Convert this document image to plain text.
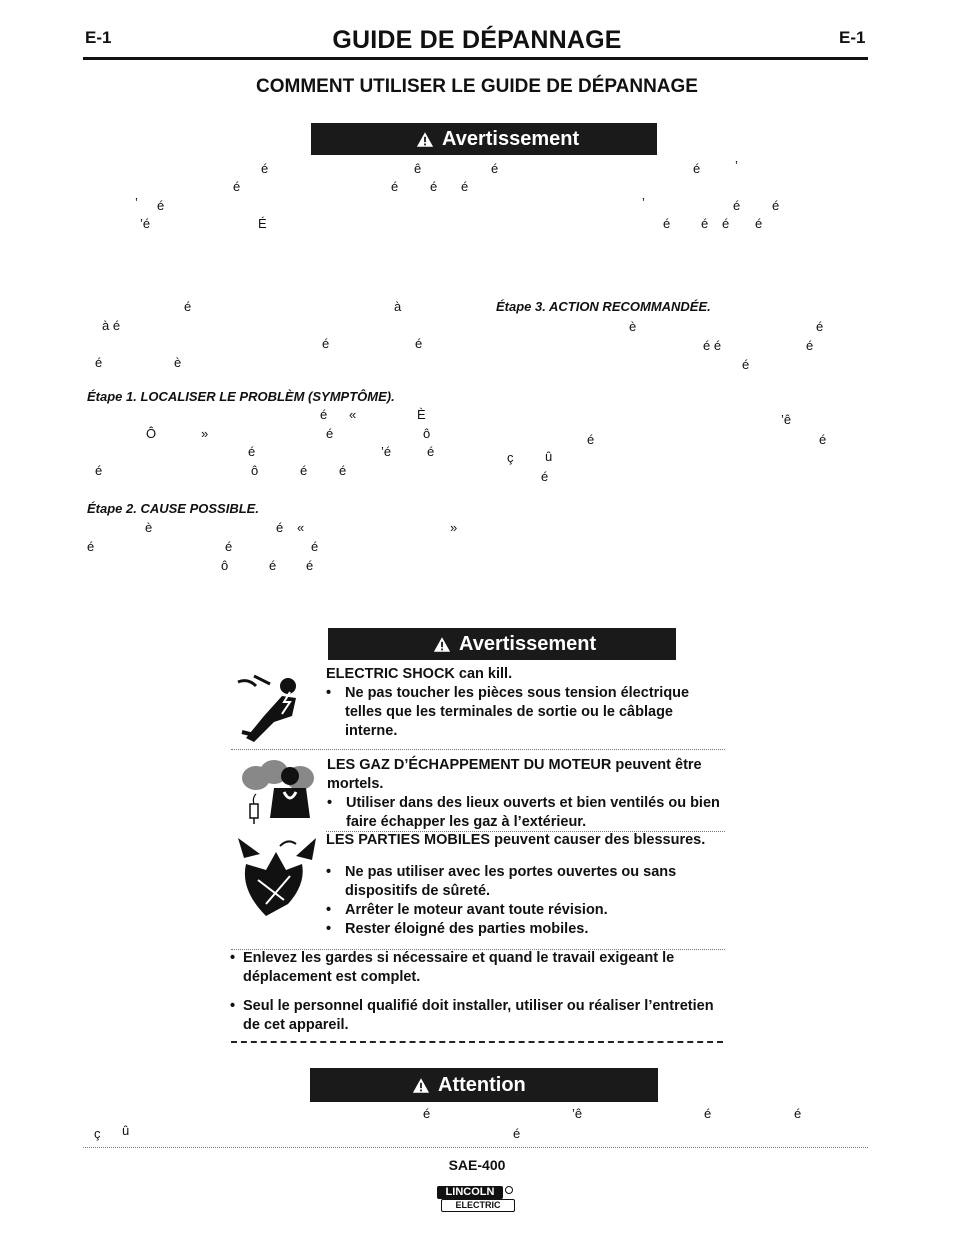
E-1	E-1
GUIDE DE DÉPANNAGE
COMMENT UTILISER LE GUIDE DE DÉPANNAGE
Avertissement
é	ê	é	é	’
é	é é é
’ é	’	é é
’é	É	é é é é
é	à
à é
é	é
é	è
Étape 1. LOCALISER LE PROBLÈM (SYMPTÔME).
é «	È
Ô	»	é	ô
é	’é	é
é	ô	é é
Étape 2. CAUSE POSSIBLE.
è	é «	»
é	é	é
ô	é é
Étape 3. ACTION RECOMMANDÉE.
è	é
é é	é
é
’ê
é	é
ç û
é
Avertissement
ELECTRIC SHOCK can kill.
• Ne pas toucher les pièces sous tension électrique telles que les terminales de sortie ou le câblage interne.
LES GAZ D’ÉCHAPPEMENT DU MOTEUR peuvent être mortels.
• Utiliser dans des lieux ouverts et bien ventilés ou bien faire échapper les gaz à l’extérieur.
LES PARTIES MOBILES peuvent causer des blessures.
• Ne pas utiliser avec les portes ouvertes ou sans dispositifs de sûreté.
• Arrêter le moteur avant toute révision.
• Rester éloigné des parties mobiles.
• Enlevez les gardes si nécessaire et quand le travail exigeant le déplacement est complet.
• Seul le personnel qualifié doit installer, utiliser ou réaliser l’entretien de cet appareil.
Attention
é	’ê	é	é
ç û	é
SAE-400
LINCOLN
ELECTRIC
